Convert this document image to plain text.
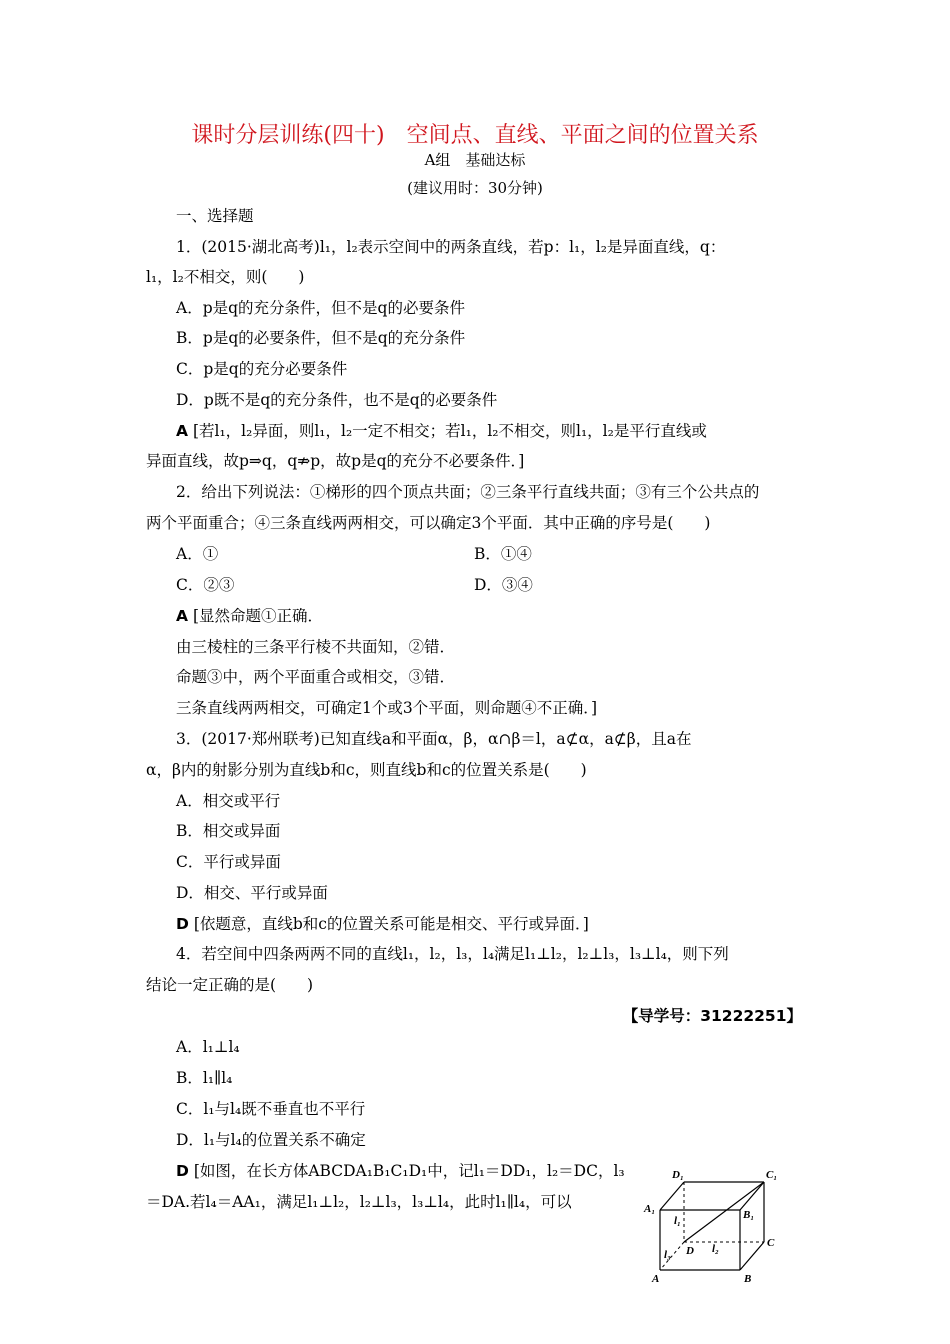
课时分层训练(四十)　空间点、直线、平面之间的位置关系
A组　基础达标
(建议用时：30分钟)
一、选择题
1．(2015·湖北高考)l₁，l₂表示空间中的两条直线，若p：l₁，l₂是异面直线，q：
l₁，l₂不相交，则(　　)
A．p是q的充分条件，但不是q的必要条件
B．p是q的必要条件，但不是q的充分条件
C．p是q的充分必要条件
D．p既不是q的充分条件，也不是q的必要条件
A [若l₁，l₂异面，则l₁，l₂一定不相交；若l₁，l₂不相交，则l₁，l₂是平行直线或
异面直线，故p⇒q，q⇏p，故p是q的充分不必要条件．]
2．给出下列说法：①梯形的四个顶点共面；②三条平行直线共面；③有三个公共点的
两个平面重合；④三条直线两两相交，可以确定3个平面．其中正确的序号是(　　)
A．①	B．①④
C．②③	D．③④
A [显然命题①正确．
由三棱柱的三条平行棱不共面知，②错．
命题③中，两个平面重合或相交，③错．
三条直线两两相交，可确定1个或3个平面，则命题④不正确．]
3．(2017·郑州联考)已知直线a和平面α，β，α∩β＝l，a⊄α，a⊄β，且a在
α，β内的射影分别为直线b和c，则直线b和c的位置关系是(　　)
A．相交或平行
B．相交或异面
C．平行或异面
D．相交、平行或异面
D [依题意，直线b和c的位置关系可能是相交、平行或异面．]
4．若空间中四条两两不同的直线l₁，l₂，l₃，l₄满足l₁⊥l₂，l₂⊥l₃，l₃⊥l₄，则下列
结论一定正确的是(　　)
【导学号：31222251】
A．l₁⊥l₄
B．l₁∥l₄
C．l₁与l₄既不垂直也不平行
D．l₁与l₄的位置关系不确定
D [如图，在长方体ABCDA₁B₁C₁D₁中，记l₁＝DD₁，l₂＝DC，l₃
＝DA.若l₄＝AA₁，满足l₁⊥l₂，l₂⊥l₃，l₃⊥l₄，此时l₁∥l₄，可以
D₁	C₁
A₁	B₁
l₁
D l₂	C
l₃
A	B
